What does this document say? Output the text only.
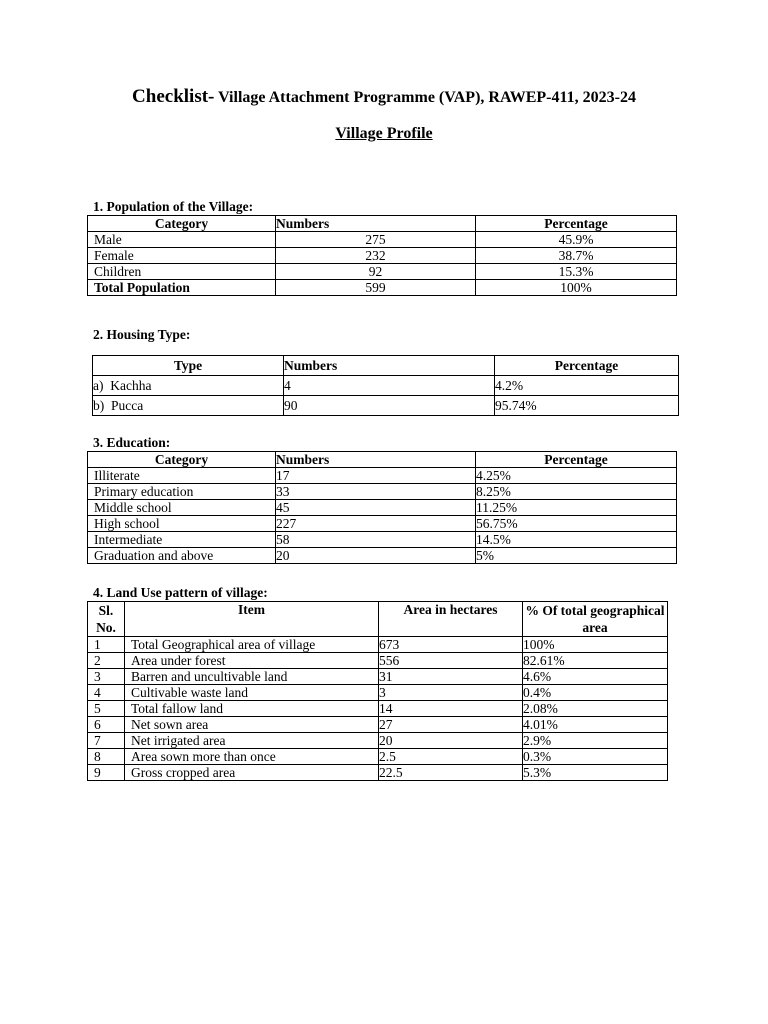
Checklist- Village Attachment Programme (VAP), RAWEP-411, 2023-24
Village Profile
1. Population of the Village:
Category	Numbers	Percentage
Male	275	45.9%
Female	232	38.7%
Children	92	15.3%
Total Population	599	100%
2. Housing Type:
Type	Numbers	Percentage
a)  Kachha	4	4.2%
b)  Pucca	90	95.74%
3. Education:
Category	Numbers	Percentage
Illiterate	17	4.25%
Primary education	33	8.25%
Middle school	45	11.25%
High school	227	56.75%
Intermediate	58	14.5%
Graduation and above	20	5%
4. Land Use pattern of village:
Sl. No.	Item	Area in hectares	% Of total geographical area
1	Total Geographical area of village	673	100%
2	Area under forest	556	82.61%
3	Barren and uncultivable land	31	4.6%
4	Cultivable waste land	3	0.4%
5	Total fallow land	14	2.08%
6	Net sown area	27	4.01%
7	Net irrigated area	20	2.9%
8	Area sown more than once	2.5	0.3%
9	Gross cropped area	22.5	5.3%
